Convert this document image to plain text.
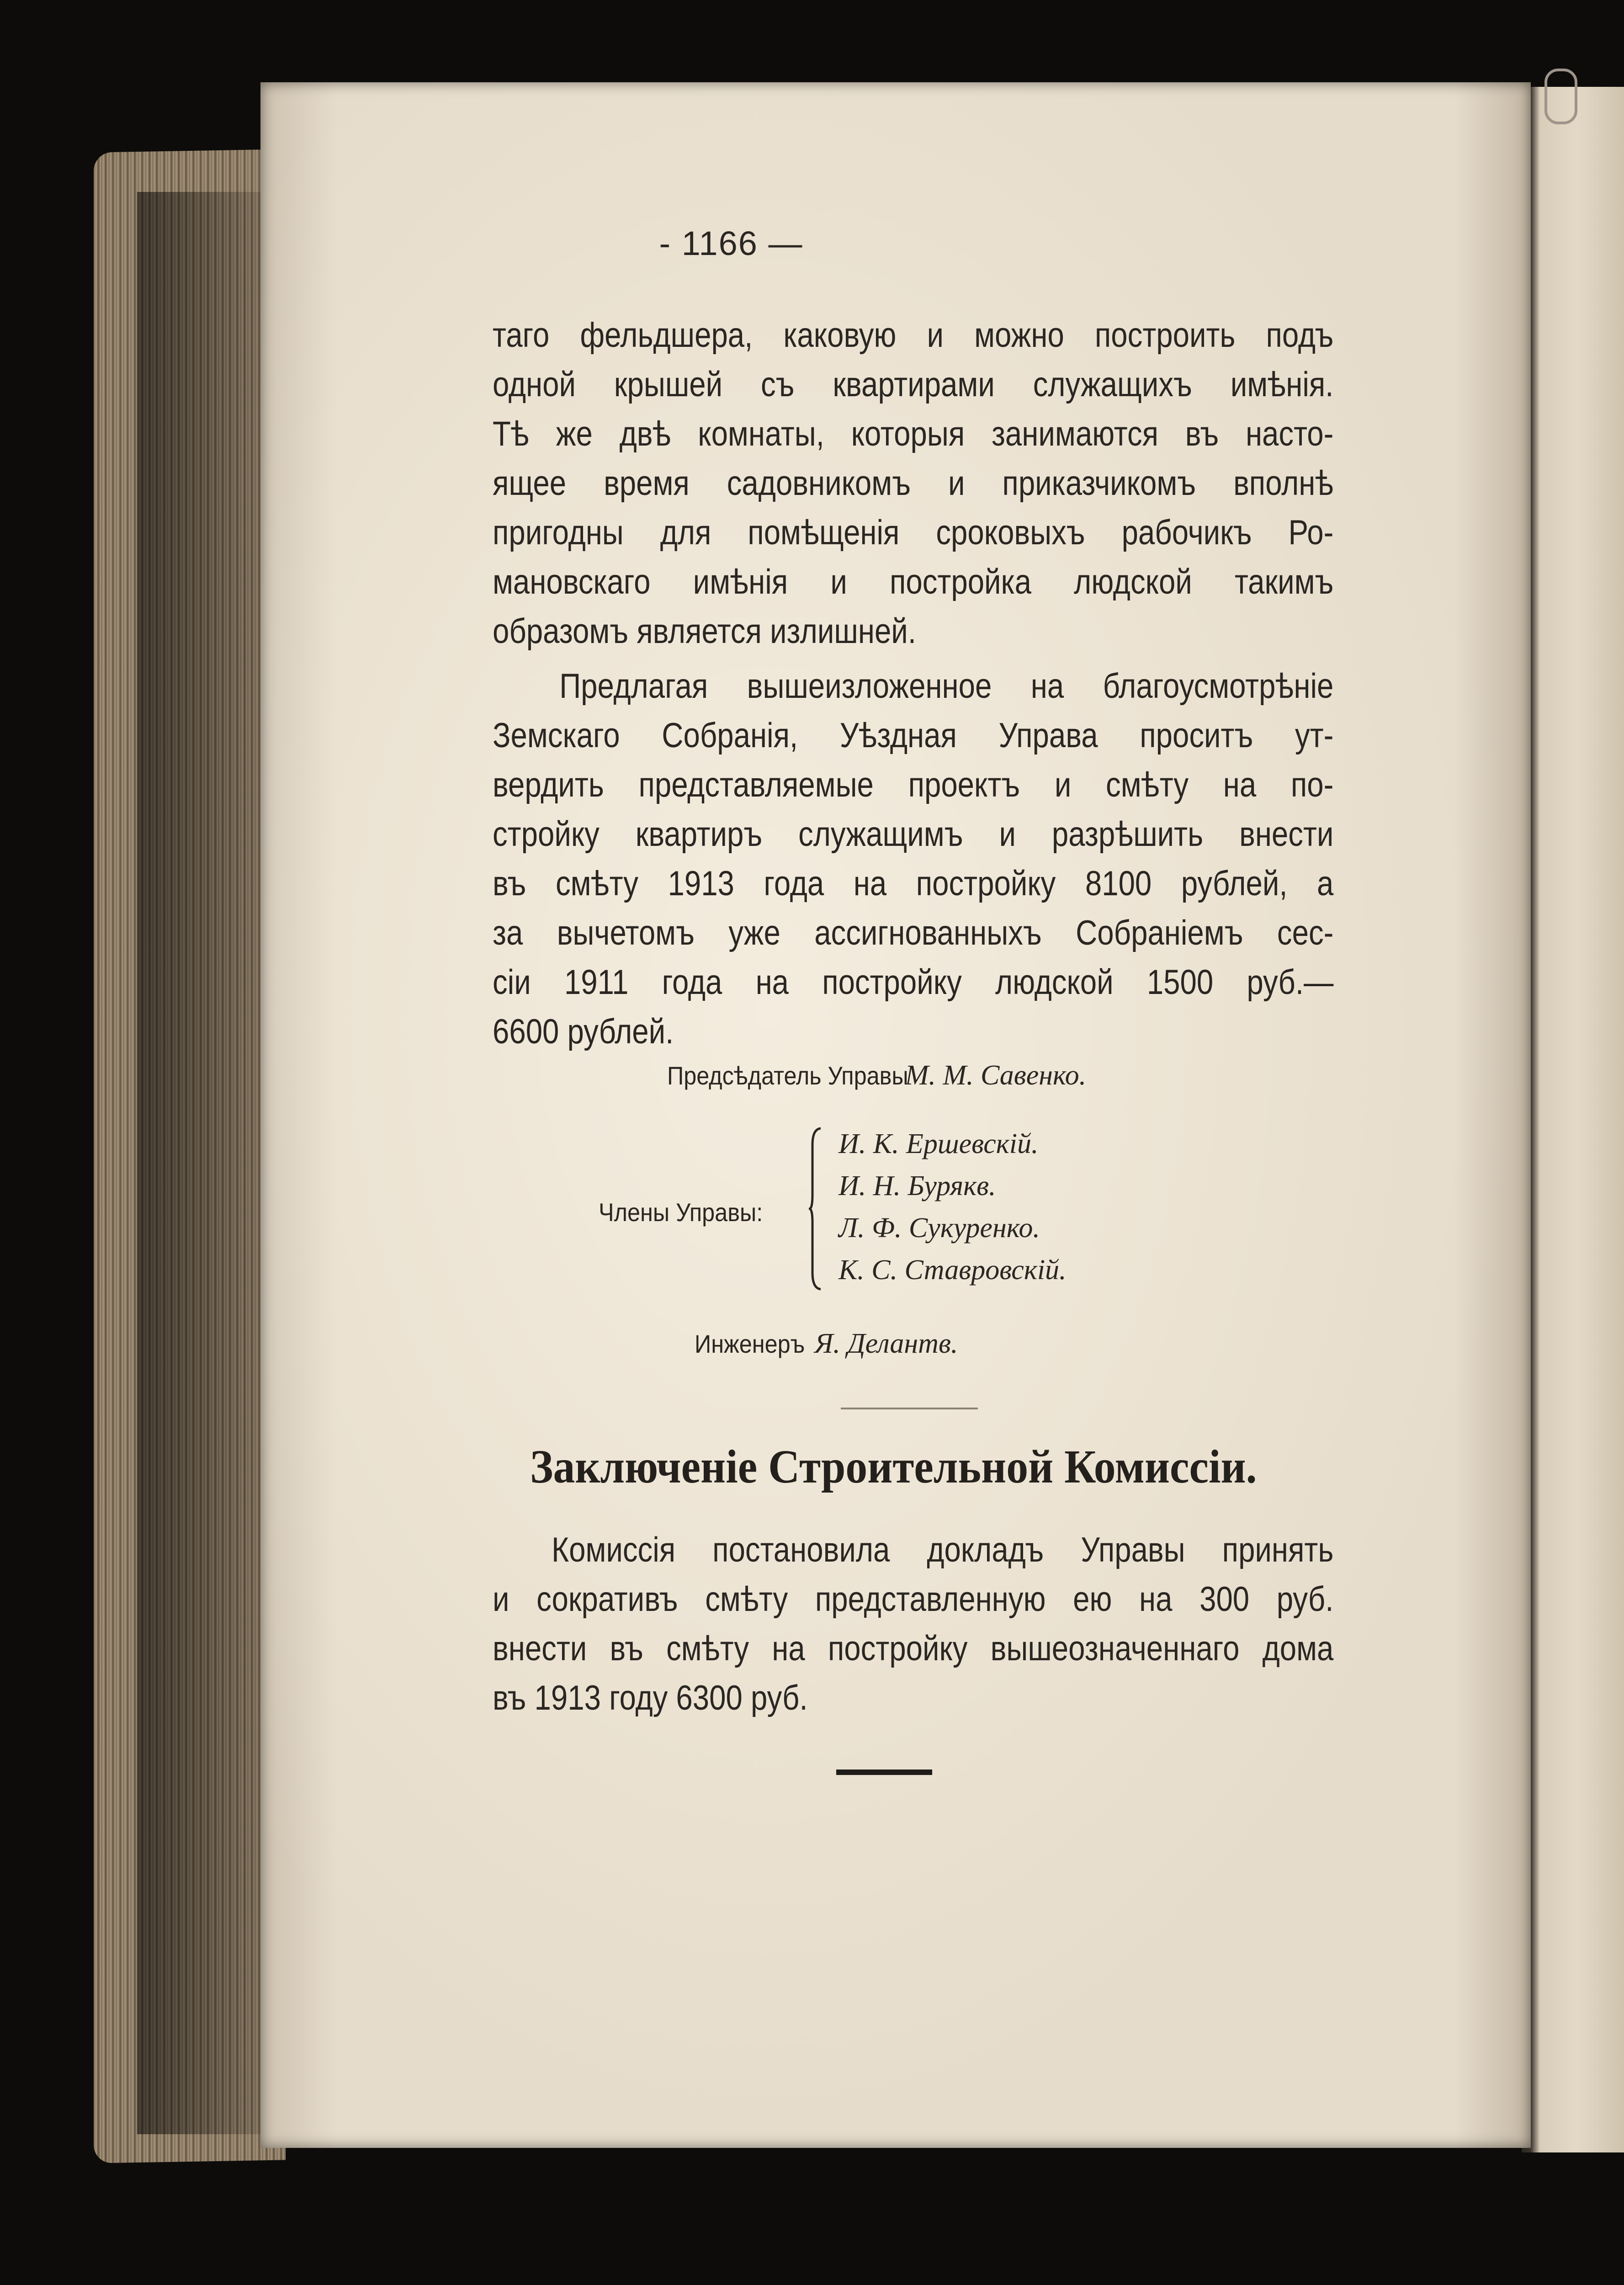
- 1166 —
таго фельдшера, каковую и можно построить подъ
одной крышей съ квартирами служащихъ имѣнія.
Тѣ же двѣ комнаты, которыя занимаются въ насто-
ящее время садовникомъ и приказчикомъ вполнѣ
пригодны для помѣщенія сроковыхъ рабочикъ Ро-
мановскаго имѣнія и постройка людской такимъ
образомъ является излишней.
Предлагая вышеизложенное на благоусмотрѣніе
Земскаго Собранія, Уѣздная Управа проситъ ут-
вердить представляемые проектъ и смѣту на по-
стройку квартиръ служащимъ и разрѣшить внести
въ смѣту 1913 года на постройку 8100 рублей, а
за вычетомъ уже ассигнованныхъ Собраніемъ сес-
сіи 1911 года на постройку людской 1500 руб.—
6600 рублей.
Предсѣдатель Управы М. М. Савенко.
Члены Управы:
И. К. Ершевскій.
И. Н. Бурякв.
Л. Ф. Сукуренко.
К. С. Ставровскій.
Инженеръ Я. Делантв.
Заключеніе Строительной Комиссіи.
Комиссія постановила докладъ Управы принять
и сокративъ смѣту представленную ею на 300 руб.
внести въ смѣту на постройку вышеозначеннаго дома
въ 1913 году 6300 руб.
